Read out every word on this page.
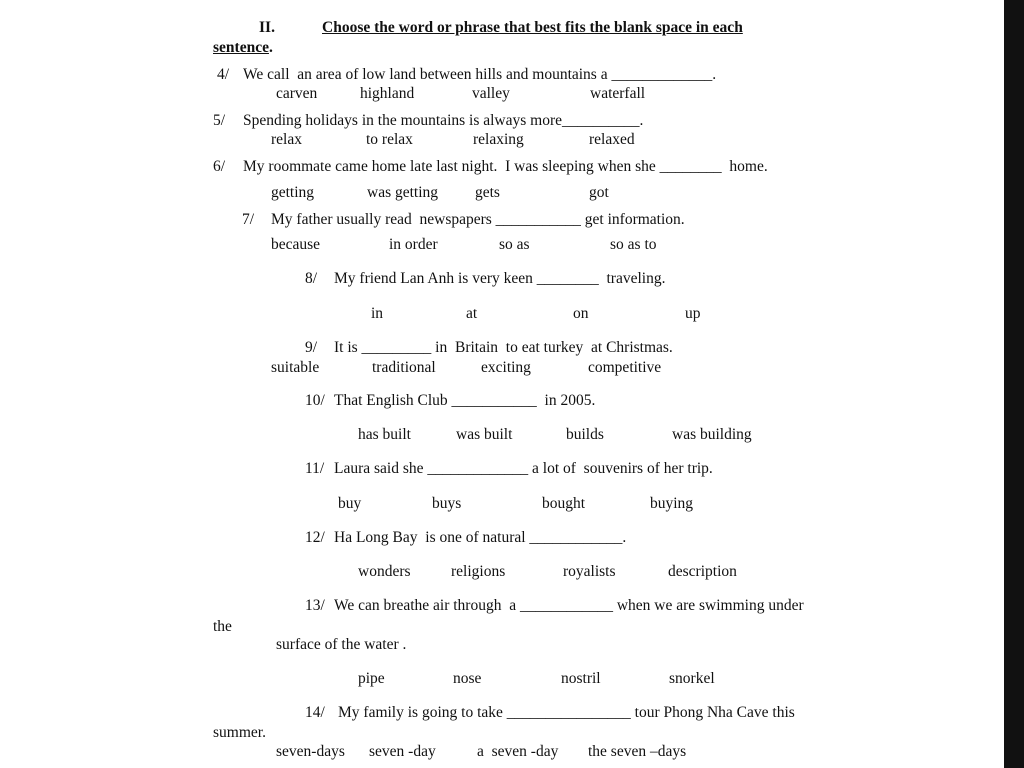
II.	Choose the word or phrase that best fits the blank space in each
sentence.
4/ We call  an area of low land between hills and mountains a _____________.
carven	highland	valley	waterfall
5/ Spending holidays in the mountains is always more__________.
relax	to relax	relaxing	relaxed
6/ My roommate came home late last night.  I was sleeping when she ________  home.
getting	was getting gets	got
7/ My father usually read  newspapers ___________ get information.
because	in order	so as	so as to
8/ My friend Lan Anh is very keen ________  traveling.
in	at	on	up
9/ It is _________ in  Britain  to eat turkey  at Christmas.
suitable	traditional	exciting	competitive
10/ That English Club ___________  in 2005.
has built	was built	builds	was building
11/ Laura said she _____________ a lot of  souvenirs of her trip.
buy	buys	bought	buying
12/ Ha Long Bay  is one of natural ____________.
wonders	religions	royalists	description
13/ We can breathe air through  a ____________ when we are swimming under
the
surface of the water .
pipe	nose	nostril	snorkel
14/ My family is going to take ________________ tour Phong Nha Cave this
summer.
seven-days seven -day	a  seven -day the seven –days
